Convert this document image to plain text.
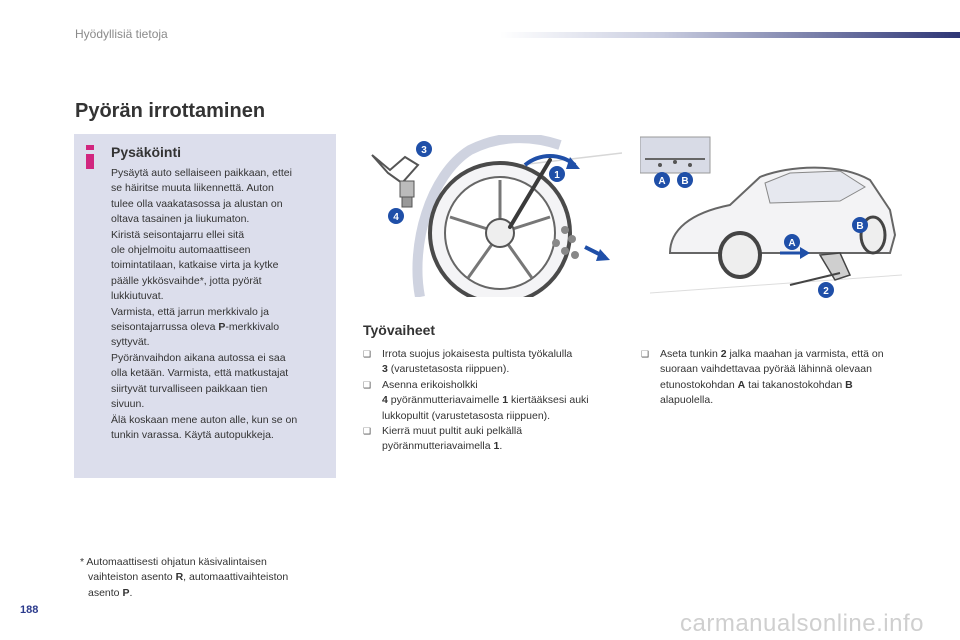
Hyödyllisiä tietoja
Pyörän irrottaminen
Pysäköinti
Pysäytä auto sellaiseen paikkaan, ettei
se häiritse muuta liikennettä. Auton
tulee olla vaakatasossa ja alustan on
oltava tasainen ja liukumaton.
Kiristä seisontajarru ellei sitä
ole ohjelmoitu automaattiseen
toimintatilaan, katkaise virta ja kytke
päälle ykkösvaihde*, jotta pyörät
lukkiutuvat.
Varmista, että jarrun merkkivalo ja
seisontajarrussa oleva P-merkkivalo
syttyvät.
Pyöränvaihdon aikana autossa ei saa
olla ketään. Varmista, että matkustajat
siirtyvät turvalliseen paikkaan tien
sivuun.
Älä koskaan mene auton alle, kun se on
tunkin varassa. Käytä autopukkeja.
3
1
4
A B
A
B
2
Työvaiheet
❑ Irrota suojus jokaisesta pultista työkalulla
3 (varustetasosta riippuen).
❑ Asenna erikoisholkki
4 pyöränmutteriavaimelle 1 kiertääksesi auki lukkopultit (varustetasosta riippuen).
❑ Kierrä muut pultit auki pelkällä pyöränmutteriavaimella 1.
❑ Aseta tunkin 2 jalka maahan ja varmista, että on suoraan vaihdettavaa pyörää lähinnä olevaan etunostokohdan A tai takanostokohdan B alapuolella.
* Automaattisesti ohjatun käsivalintaisen
vaihteiston asento R, automaattivaihteiston
asento P.
188	carmanualsonline.info
